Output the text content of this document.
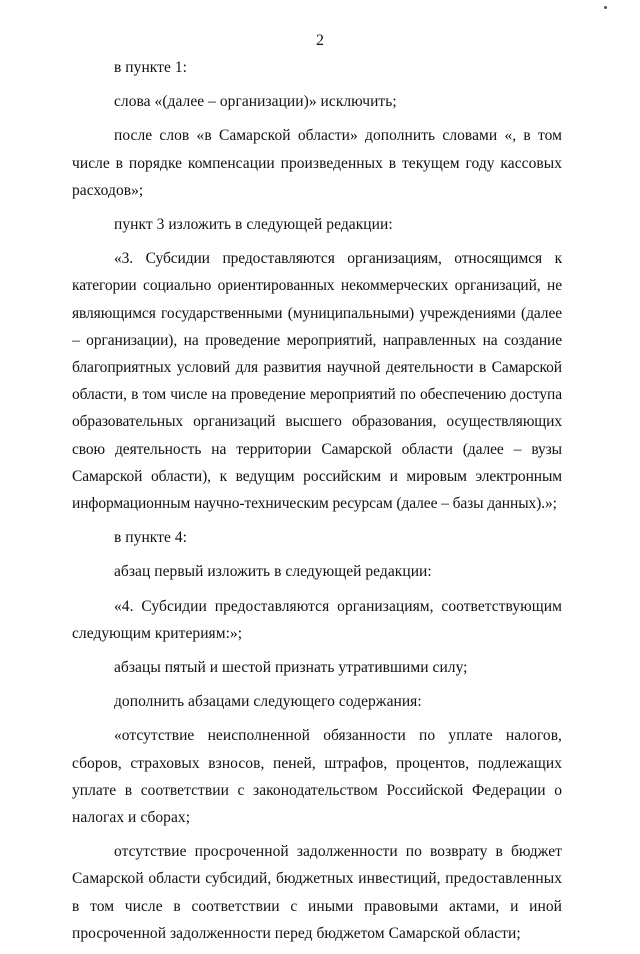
2

в пункте 1:

слова «(далее – организации)» исключить;

после слов «в Самарской области» дополнить словами «, в том числе в порядке компенсации произведенных в текущем году кассовых расходов»;

пункт 3 изложить в следующей редакции:

«3. Субсидии предоставляются организациям, относящимся к категории социально ориентированных некоммерческих организаций, не являющимся государственными (муниципальными) учреждениями (далее – организации), на проведение мероприятий, направленных на создание благоприятных условий для развития научной деятельности в Самарской области, в том числе на проведение мероприятий по обеспечению доступа образовательных организаций высшего образования, осуществляющих свою деятельность на территории Самарской области (далее – вузы Самарской области), к ведущим российским и мировым электронным информационным научно-техническим ресурсам (далее – базы данных).»;

в пункте 4:

абзац первый изложить в следующей редакции:

«4. Субсидии предоставляются организациям, соответствующим следующим критериям:»;

абзацы пятый и шестой признать утратившими силу;

дополнить абзацами следующего содержания:

«отсутствие неисполненной обязанности по уплате налогов, сборов, страховых взносов, пеней, штрафов, процентов, подлежащих уплате в соответствии с законодательством Российской Федерации о налогах и сборах;

отсутствие просроченной задолженности по возврату в бюджет Самарской области субсидий, бюджетных инвестиций, предоставленных в том числе в соответствии с иными правовыми актами, и иной просроченной задолженности перед бюджетом Самарской области;
